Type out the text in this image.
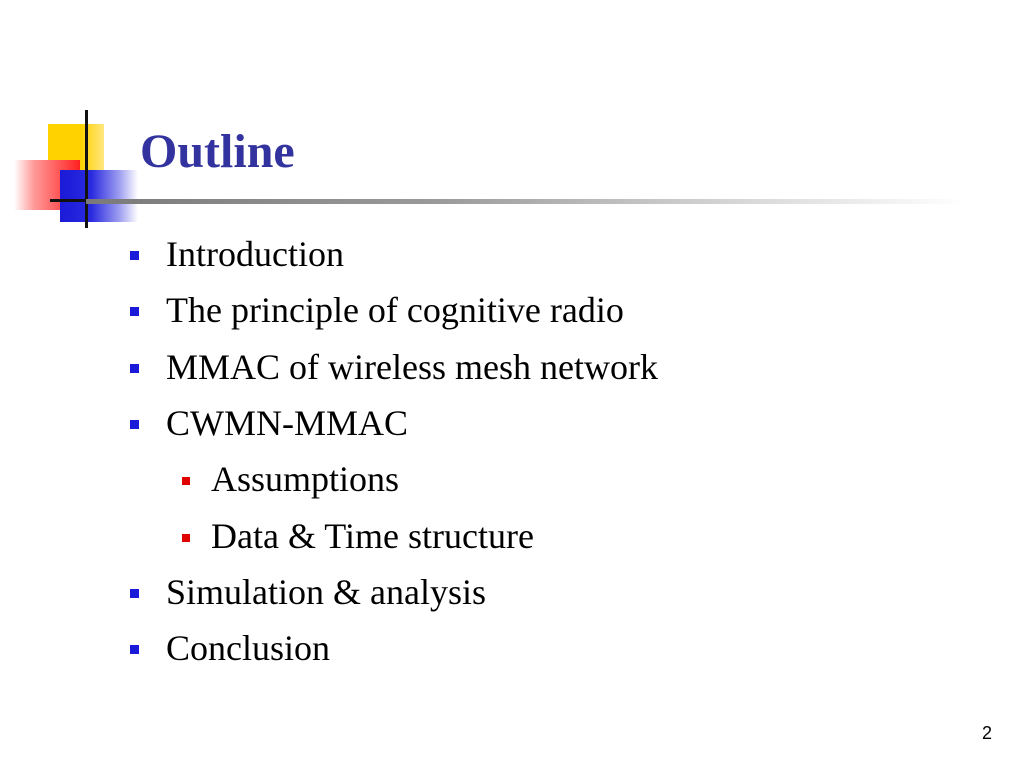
Outline
Introduction
The principle of cognitive radio
MMAC of wireless mesh network
CWMN-MMAC
Assumptions
Data & Time structure
Simulation & analysis
Conclusion
2
